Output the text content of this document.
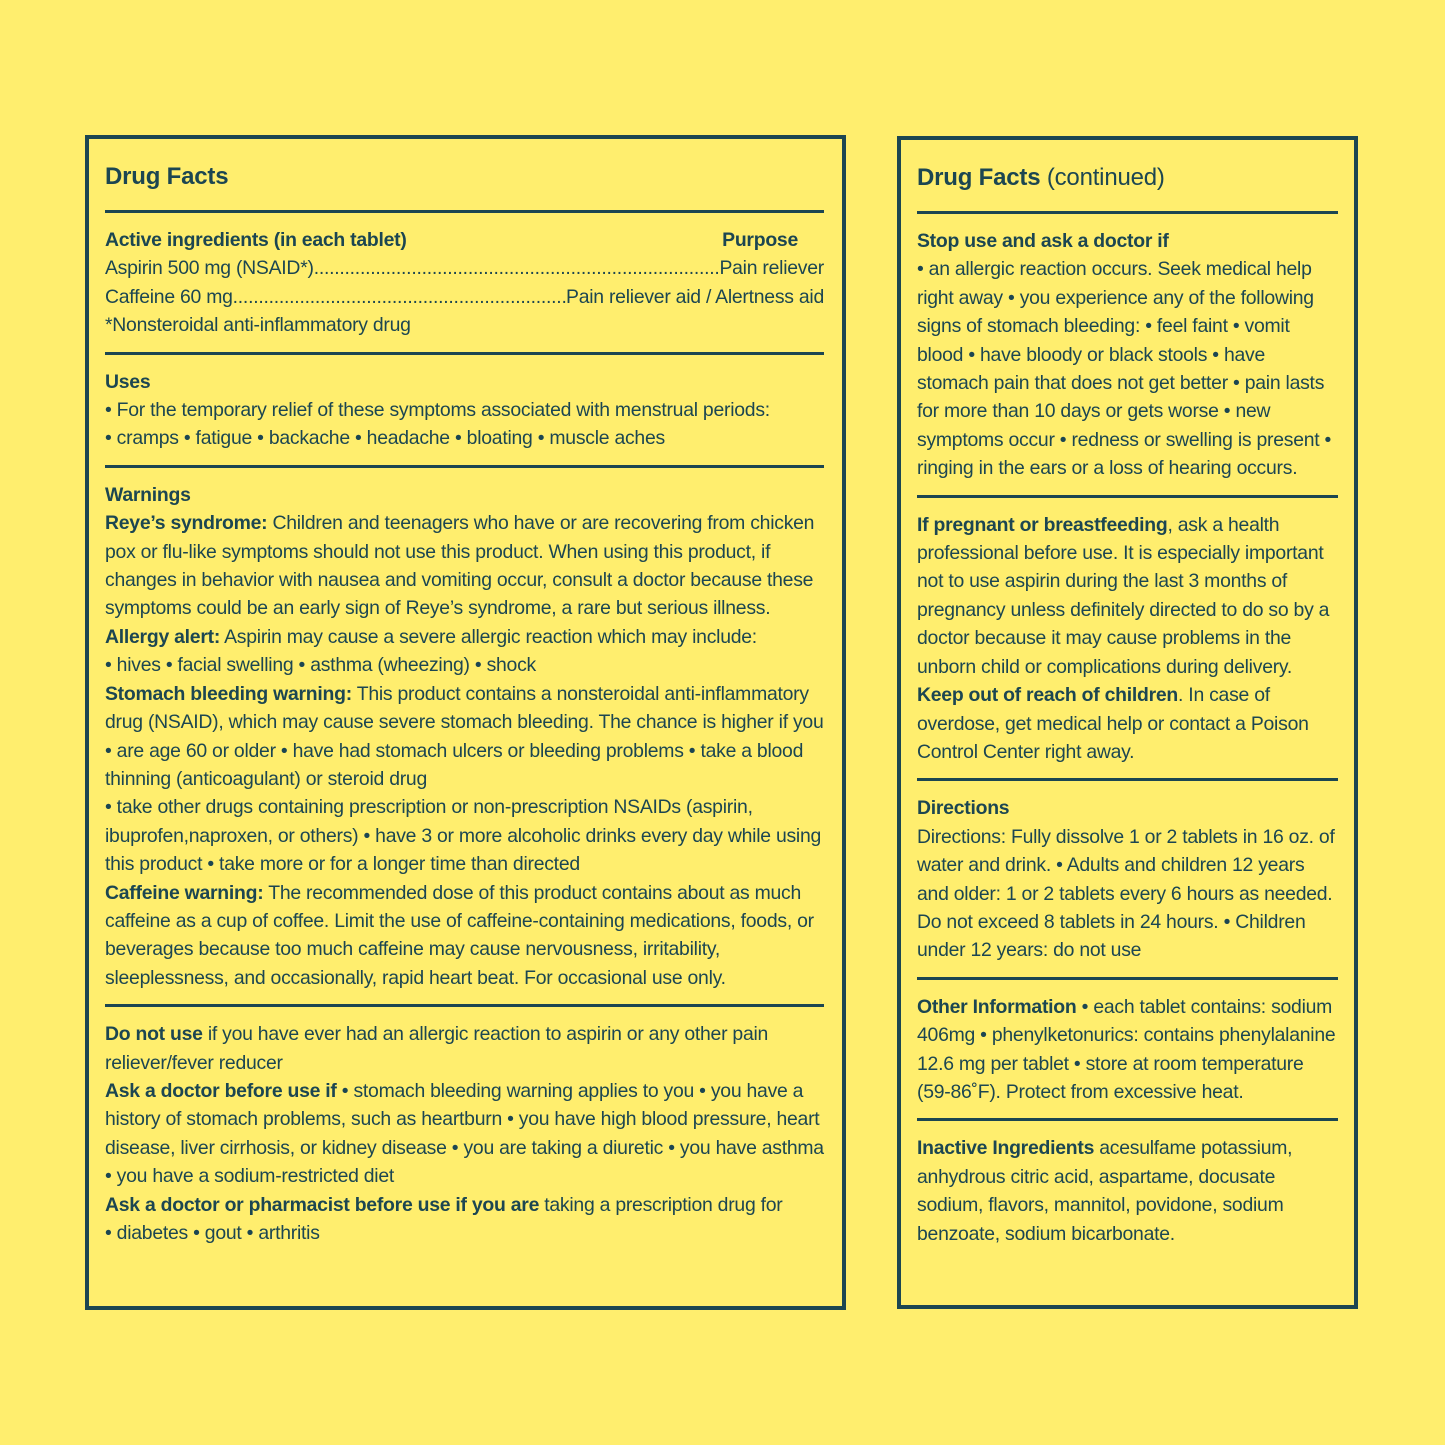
Drug Facts
Active ingredients (in each tablet)	Purpose
Aspirin 500 mg (NSAID*) .....	Pain reliever
Caffeine 60 mg .....	Pain reliever aid / Alertness aid
*Nonsteroidal anti-inflammatory drug
Uses
• For the temporary relief of these symptoms associated with menstrual periods:
• cramps • fatigue • backache • headache • bloating • muscle aches
Warnings

Reye’s syndrome: Children and teenagers who have or are recovering from chicken pox or flu-like symptoms should not use this product. When using this product, if changes in behavior with nausea and vomiting occur, consult a doctor because these symptoms could be an early sign of Reye’s syndrome, a rare but serious illness.

Allergy alert: Aspirin may cause a severe allergic reaction which may include:

• hives • facial swelling • asthma (wheezing) • shock

Stomach bleeding warning: This product contains a nonsteroidal anti-inflammatory drug (NSAID), which may cause severe stomach bleeding. The chance is higher if you • are age 60 or older • have had stomach ulcers or bleeding problems • take a blood thinning (anticoagulant) or steroid drug

• take other drugs containing prescription or non-prescription NSAIDs (aspirin, ibuprofen,naproxen, or others) • have 3 or more alcoholic drinks every day while using this product • take more or for a longer time than directed

Caffeine warning: The recommended dose of this product contains about as much caffeine as a cup of coffee. Limit the use of caffeine-containing medications, foods, or beverages because too much caffeine may cause nervousness, irritability, sleeplessness, and occasionally, rapid heart beat. For occasional use only.

Do not use if you have ever had an allergic reaction to aspirin or any other pain reliever/fever reducer

Ask a doctor before use if • stomach bleeding warning applies to you • you have a history of stomach problems, such as heartburn • you have high blood pressure, heart disease, liver cirrhosis, or kidney disease • you are taking a diuretic • you have asthma • you have a sodium-restricted diet

Ask a doctor or pharmacist before use if you are taking a prescription drug for

• diabetes • gout • arthritis

Drug Facts (continued)
Stop use and ask a doctor if

• an allergic reaction occurs. Seek medical help right away • you experience any of the following signs of stomach bleeding: • feel faint • vomit blood • have bloody or black stools • have stomach pain that does not get better • pain lasts for more than 10 days or gets worse • new symptoms occur • redness or swelling is present • ringing in the ears or a loss of hearing occurs.

If pregnant or breastfeeding, ask a health professional before use. It is especially important not to use aspirin during the last 3 months of pregnancy unless definitely directed to do so by a doctor because it may cause problems in the unborn child or complications during delivery.

Keep out of reach of children. In case of overdose, get medical help or contact a Poison Control Center right away.

Directions

Directions: Fully dissolve 1 or 2 tablets in 16 oz. of water and drink. • Adults and children 12 years and older: 1 or 2 tablets every 6 hours as needed. Do not exceed 8 tablets in 24 hours. • Children under 12 years: do not use

Other Information • each tablet contains: sodium 406mg • phenylketonurics: contains phenylalanine 12.6 mg per tablet • store at room temperature (59-86˚F). Protect from excessive heat.

Inactive Ingredients acesulfame potassium, anhydrous citric acid, aspartame, docusate sodium, flavors, mannitol, povidone, sodium benzoate, sodium bicarbonate.
